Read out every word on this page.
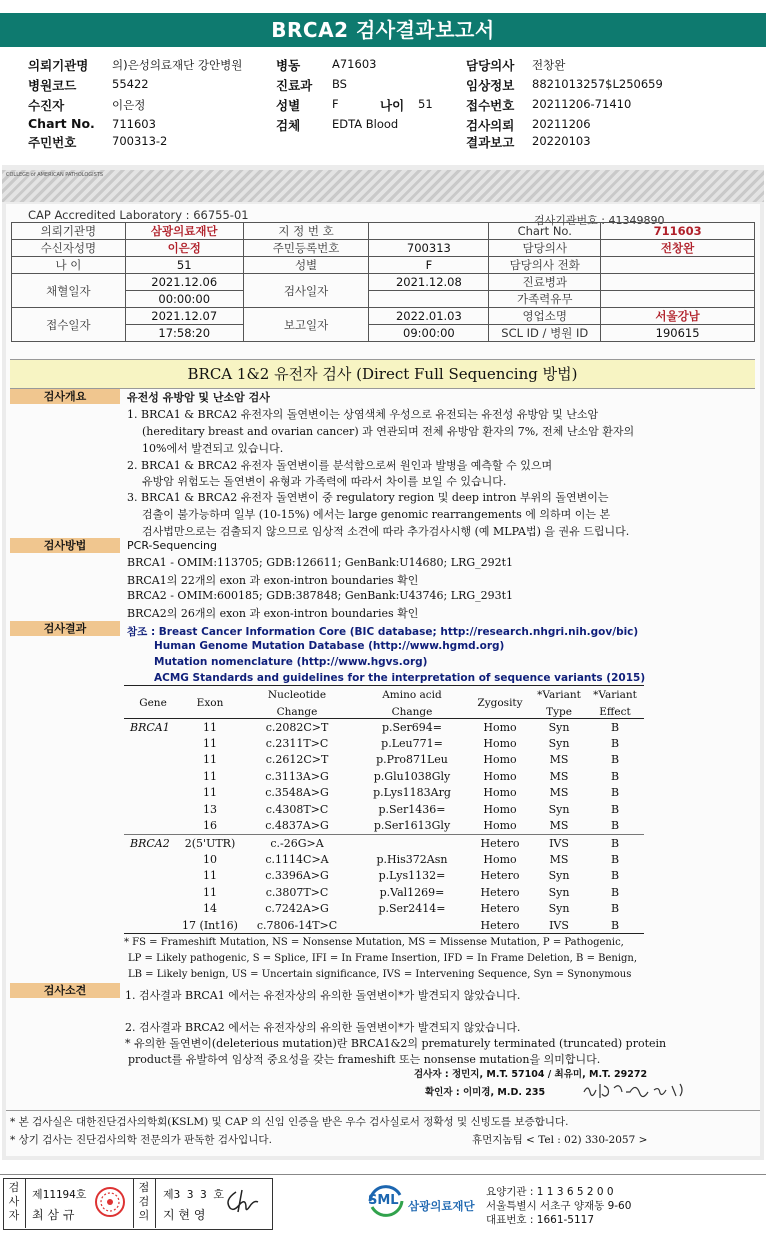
BRCA2 검사결과보고서
의뢰기관명 의)은성의료재단 강안병원
병원코드	55422
수진자	이은정
Chart No. 711603
주민번호	700313-2
병동	A71603
진료과 BS
성별	F	나이 51
검체	EDTA Blood
담당의사 전창완
임상정보 8821013257$L250659
접수번호 20211206-71410
검사의뢰 20211206
결과보고 20220103
COLLEGE of AMERICAN PATHOLOGISTS
CAP Accredited Laboratory : 66755-01	검사기관번호 : 41349890
의뢰기관명	삼광의료재단	지 정 번 호		Chart No.	711603
수신자성명	이은정	주민등록번호	700313	담당의사	전창완
나 이	51	성별	F	담당의사 전화	
채혈일자	2021.12.06	검사일자	2021.12.08	진료병과	
	00:00:00			가족력유무	
접수일자	2021.12.07	보고일자	2022.01.03	영업소명	서울강남
	17:58:20		09:00:00	SCL ID / 병원 ID	190615
BRCA 1&2 유전자 검사 (Direct Full Sequencing 방법)
검사개요	유전성 유방암 및 난소암 검사
1. BRCA1 & BRCA2 유전자의 돌연변이는 상염색체 우성으로 유전되는 유전성 유방암 및 난소암
(hereditary breast and ovarian cancer) 과 연관되며 전체 유방암 환자의 7%, 전체 난소암 환자의
10%에서 발견되고 있습니다.
2. BRCA1 & BRCA2 유전자 돌연변이를 분석함으로써 원인과 발병을 예측할 수 있으며
유방암 위험도는 돌연변이 유형과 가족력에 따라서 차이를 보일 수 있습니다.
3. BRCA1 & BRCA2 유전자 돌연변이 중 regulatory region 및 deep intron 부위의 돌연변이는
검출이 불가능하며 일부 (10-15%) 에서는 large genomic rearrangements 에 의하며 이는 본
검사법만으로는 검출되지 않으므로 임상적 소견에 따라 추가검사시행 (예 MLPA법) 을 권유 드립니다.
검사방법	PCR-Sequencing
BRCA1 - OMIM:113705; GDB:126611; GenBank:U14680; LRG_292t1
BRCA1의 22개의 exon 과 exon-intron boundaries 확인
BRCA2 - OMIM:600185; GDB:387848; GenBank:U43746; LRG_293t1
BRCA2의 26개의 exon 과 exon-intron boundaries 확인
검사결과	참조 : Breast Cancer Information Core (BIC database; http://research.nhgri.nih.gov/bic)
Human Genome Mutation Database (http://www.hgmd.org)
Mutation nomenclature (http://www.hgvs.org)
ACMG Standards and guidelines for the interpretation of sequence variants (2015)
Gene	Exon	Nucleotide	Amino acid	Zygosity	*Variant	*Variant
		Change	Change		Type	Effect
BRCA1	11	c.2082C>T	p.Ser694=	Homo	Syn	B
	11	c.2311T>C	p.Leu771=	Homo	Syn	B
	11	c.2612C>T	p.Pro871Leu	Homo	MS	B
	11	c.3113A>G	p.Glu1038Gly	Homo	MS	B
	11	c.3548A>G	p.Lys1183Arg	Homo	MS	B
	13	c.4308T>C	p.Ser1436=	Homo	Syn	B
	16	c.4837A>G	p.Ser1613Gly	Homo	MS	B
BRCA2	2(5'UTR)	c.-26G>A		Hetero	IVS	B
	10	c.1114C>A	p.His372Asn	Homo	MS	B
	11	c.3396A>G	p.Lys1132=	Hetero	Syn	B
	11	c.3807T>C	p.Val1269=	Hetero	Syn	B
	14	c.7242A>G	p.Ser2414=	Hetero	Syn	B
	17 (Int16)	c.7806-14T>C		Hetero	IVS	B
* FS = Frameshift Mutation, NS = Nonsense Mutation, MS = Missense Mutation, P = Pathogenic,
LP = Likely pathogenic, S = Splice, IFI = In Frame Insertion, IFD = In Frame Deletion, B = Benign,
LB = Likely benign, US = Uncertain significance, IVS = Intervening Sequence, Syn = Synonymous
검사소견	1. 검사결과 BRCA1 에서는 유전자상의 유의한 돌연변이*가 발견되지 않았습니다.
2. 검사결과 BRCA2 에서는 유전자상의 유의한 돌연변이*가 발견되지 않았습니다.
* 유의한 돌연변이(deleterious mutation)란 BRCA1&2의 prematurely terminated (truncated) protein
product를 유발하여 임상적 중요성을 갖는 frameshift 또는 nonsense mutation을 의미합니다.
검사자 : 정민지, M.T. 57104 / 최유미, M.T. 29272
확인자 : 이미경, M.D. 235
* 본 검사실은 대한진단검사의학회(KSLM) 및 CAP 의 신임 인증을 받은 우수 검사실로서 정확성 및 신빙도를 보증합니다.
* 상기 검사는 진단검사의학 전문의가 판독한 검사입니다.	휴먼지놈팀 < Tel : 02) 330-2057 >
검사자
제11194호
최 삼 규
점검의
제3 3 3 호
지 현 영
SML 삼광의료재단
요양기관 : 1 1 3 6 5 2 0 0
서울특별시 서초구 양재동 9-60
대표번호 : 1661-5117
